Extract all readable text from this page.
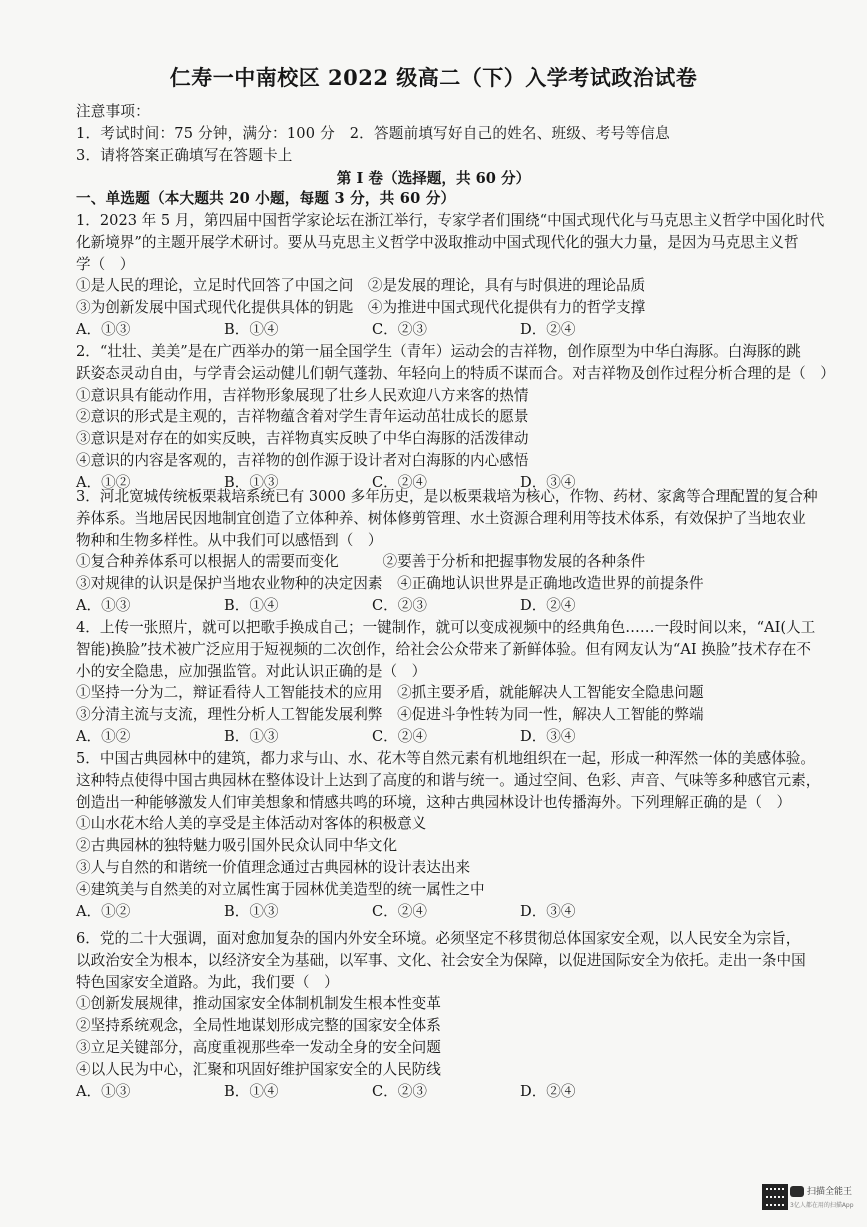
仁寿一中南校区 2022 级高二（下）入学考试政治试卷
注意事项：
1．考试时间：75 分钟，满分：100 分　2．答题前填写好自己的姓名、班级、考号等信息
3．请将答案正确填写在答题卡上
第 I 卷（选择题，共 60 分）
一、单选题（本大题共 20 小题，每题 3 分，共 60 分）

1．2023 年 5 月，第四届中国哲学家论坛在浙江举行，专家学者们围绕“中国式现代化与马克思主义哲学中国化时代

化新境界”的主题开展学术研讨。要从马克思主义哲学中汲取推动中国式现代化的强大力量，是因为马克思主义哲

学（　）

①是人民的理论，立足时代回答了中国之问　②是发展的理论，具有与时俱进的理论品质

③为创新发展中国式现代化提供具体的钥匙　④为推进中国式现代化提供有力的哲学支撑

A．①③	B．①④	C．②③	D．②④

2．“壮壮、美美”是在广西举办的第一届全国学生（青年）运动会的吉祥物，创作原型为中华白海豚。白海豚的跳

跃姿态灵动自由，与学青会运动健儿们朝气蓬勃、年轻向上的特质不谋而合。对吉祥物及创作过程分析合理的是（　）

①意识具有能动作用，吉祥物形象展现了壮乡人民欢迎八方来客的热情

②意识的形式是主观的，吉祥物蕴含着对学生青年运动茁壮成长的愿景

③意识是对存在的如实反映，吉祥物真实反映了中华白海豚的活泼律动

④意识的内容是客观的，吉祥物的创作源于设计者对白海豚的内心感悟

A．①②	B．①③	C．②④	D．③④

3．河北宽城传统板栗栽培系统已有 3000 多年历史，是以板栗栽培为核心，作物、药材、家禽等合理配置的复合种

养体系。当地居民因地制宜创造了立体种养、树体修剪管理、水土资源合理利用等技术体系，有效保护了当地农业

物种和生物多样性。从中我们可以感悟到（　）

①复合种养体系可以根据人的需要而变化　　　②要善于分析和把握事物发展的各种条件

③对规律的认识是保护当地农业物种的决定因素　④正确地认识世界是正确地改造世界的前提条件

A．①③	B．①④	C．②③	D．②④

4．上传一张照片，就可以把歌手换成自己；一键制作，就可以变成视频中的经典角色……一段时间以来，“AI(人工

智能)换脸”技术被广泛应用于短视频的二次创作，给社会公众带来了新鲜体验。但有网友认为“AI 换脸”技术存在不

小的安全隐患，应加强监管。对此认识正确的是（　）

①坚持一分为二，辩证看待人工智能技术的应用　②抓主要矛盾，就能解决人工智能安全隐患问题

③分清主流与支流，理性分析人工智能发展利弊　④促进斗争性转为同一性，解决人工智能的弊端

A．①②	B．①③	C．②④	D．③④

5．中国古典园林中的建筑，都力求与山、水、花木等自然元素有机地组织在一起，形成一种浑然一体的美感体验。

这种特点使得中国古典园林在整体设计上达到了高度的和谐与统一。通过空间、色彩、声音、气味等多种感官元素，

创造出一种能够激发人们审美想象和情感共鸣的环境，这种古典园林设计也传播海外。下列理解正确的是（　）

①山水花木给人美的享受是主体活动对客体的积极意义

②古典园林的独特魅力吸引国外民众认同中华文化

③人与自然的和谐统一价值理念通过古典园林的设计表达出来

④建筑美与自然美的对立属性寓于园林优美造型的统一属性之中

A．①②	B．①③	C．②④	D．③④

6．党的二十大强调，面对愈加复杂的国内外安全环境。必须坚定不移贯彻总体国家安全观，以人民安全为宗旨，

以政治安全为根本，以经济安全为基础，以军事、文化、社会安全为保障，以促进国际安全为依托。走出一条中国

特色国家安全道路。为此，我们要（　）

①创新发展规律，推动国家安全体制机制发生根本性变革

②坚持系统观念，全局性地谋划形成完整的国家安全体系

③立足关键部分，高度重视那些牵一发动全身的安全问题

④以人民为中心，汇聚和巩固好维护国家安全的人民防线

A．①③	B．①④	C．②③	D．②④
扫描全能王
3亿人都在用的扫描App
